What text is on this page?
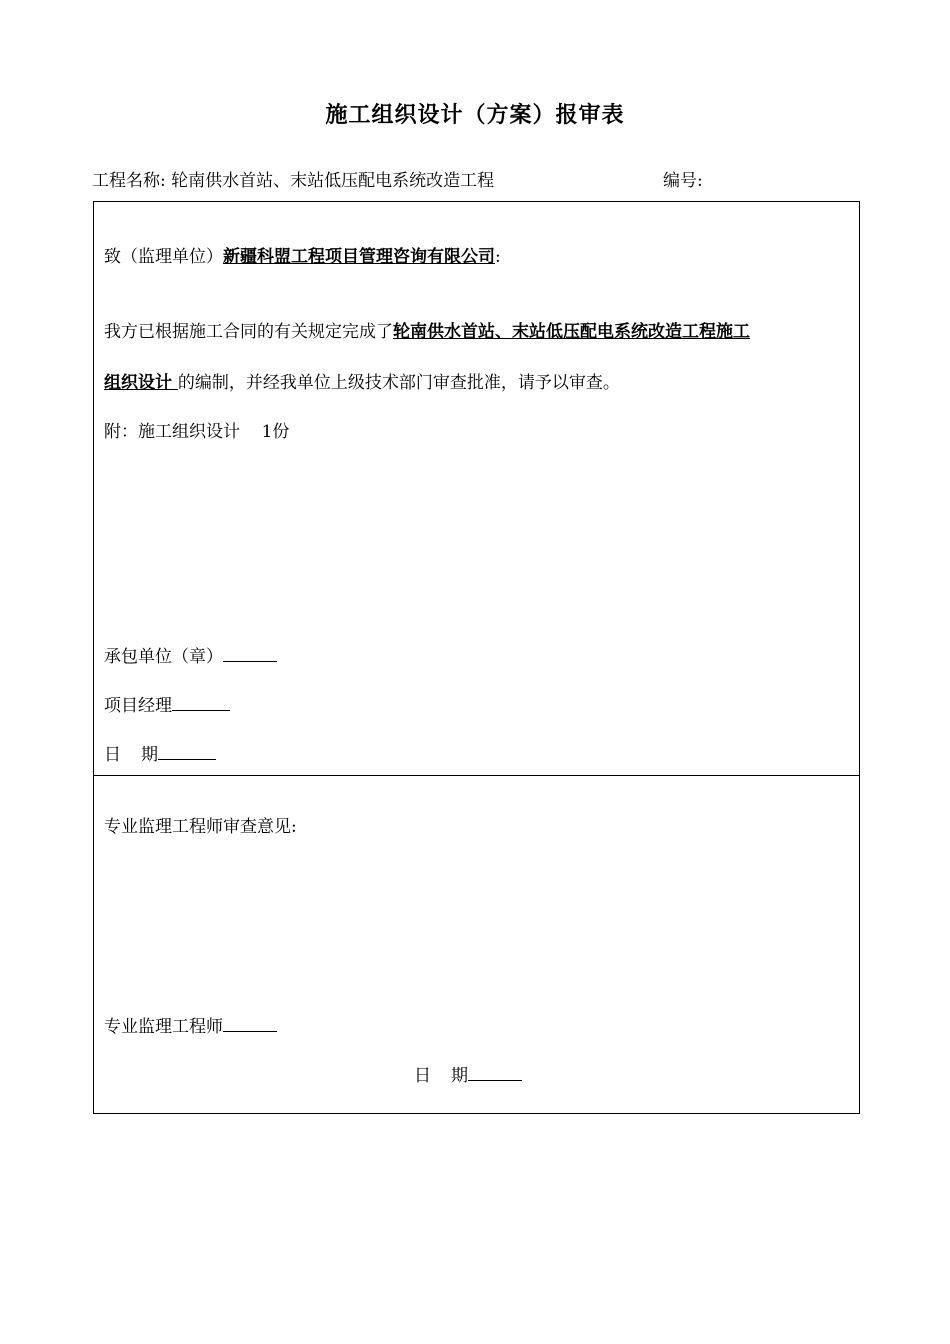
施工组织设计（方案）报审表
工程名称: 轮南供水首站、末站低压配电系统改造工程	编号:
致（监理单位）新疆科盟工程项目管理咨询有限公司:
我方已根据施工合同的有关规定完成了轮南供水首站、末站低压配电系统改造工程施工
组织设计 的编制，并经我单位上级技术部门审查批准，请予以审查。
附：施工组织设计    1份
承包单位（章）
项目经理
日 期
专业监理工程师审查意见:
专业监理工程师
日 期
